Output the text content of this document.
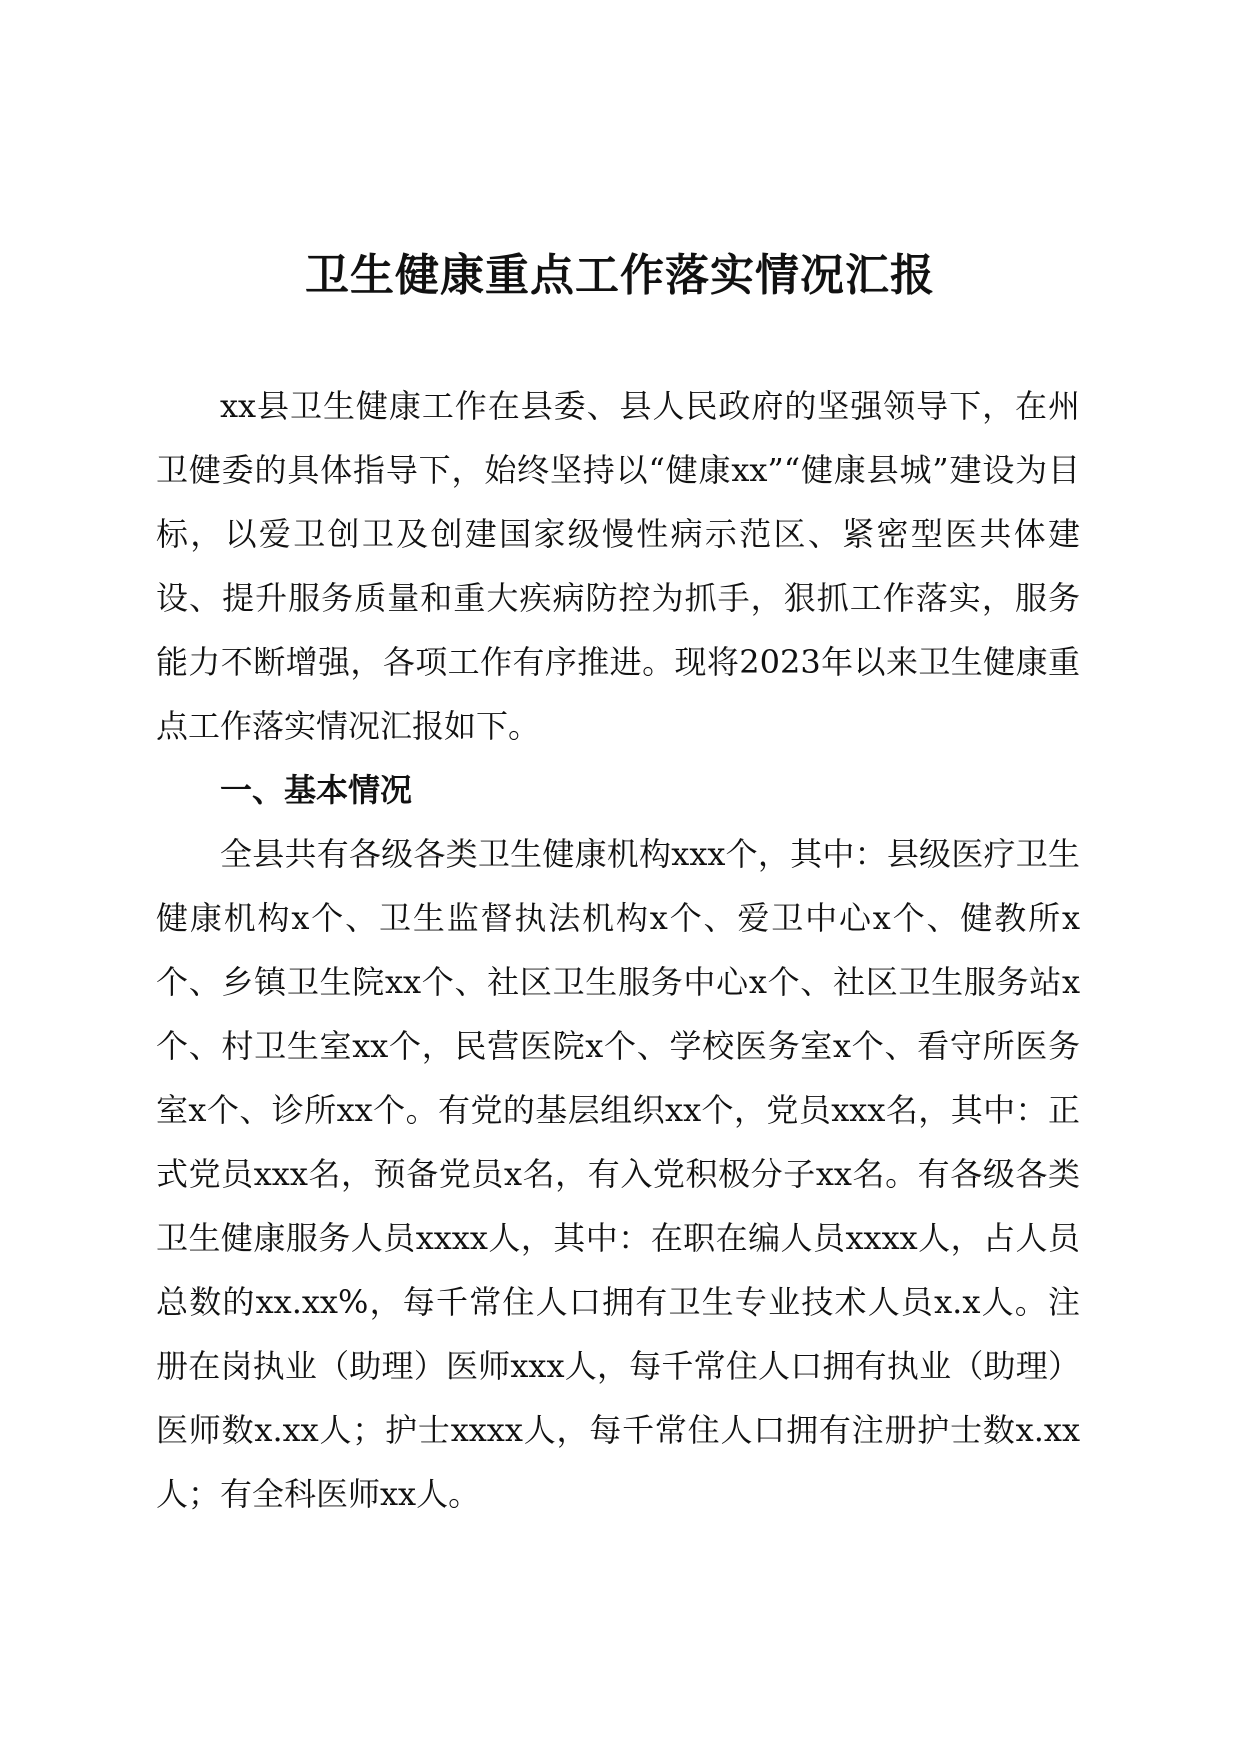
卫生健康重点工作落实情况汇报

xx县卫生健康工作在县委、县人民政府的坚强领导下，在州卫健委的具体指导下，始终坚持以“健康xx”“健康县城”建设为目标，以爱卫创卫及创建国家级慢性病示范区、紧密型医共体建设、提升服务质量和重大疾病防控为抓手，狠抓工作落实，服务能力不断增强，各项工作有序推进。现将2023年以来卫生健康重点工作落实情况汇报如下。

一、基本情况

全县共有各级各类卫生健康机构xxx个，其中：县级医疗卫生健康机构x个、卫生监督执法机构x个、爱卫中心x个、健教所x个、乡镇卫生院xx个、社区卫生服务中心x个、社区卫生服务站x个、村卫生室xx个，民营医院x个、学校医务室x个、看守所医务室x个、诊所xx个。有党的基层组织xx个，党员xxx名，其中：正式党员xxx名，预备党员x名，有入党积极分子xx名。有各级各类卫生健康服务人员xxxx人，其中：在职在编人员xxxx人，占人员总数的xx.xx%，每千常住人口拥有卫生专业技术人员x.x人。注册在岗执业（助理）医师xxx人，每千常住人口拥有执业（助理）医师数x.xx人；护士xxxx人，每千常住人口拥有注册护士数x.xx人；有全科医师xx人。
